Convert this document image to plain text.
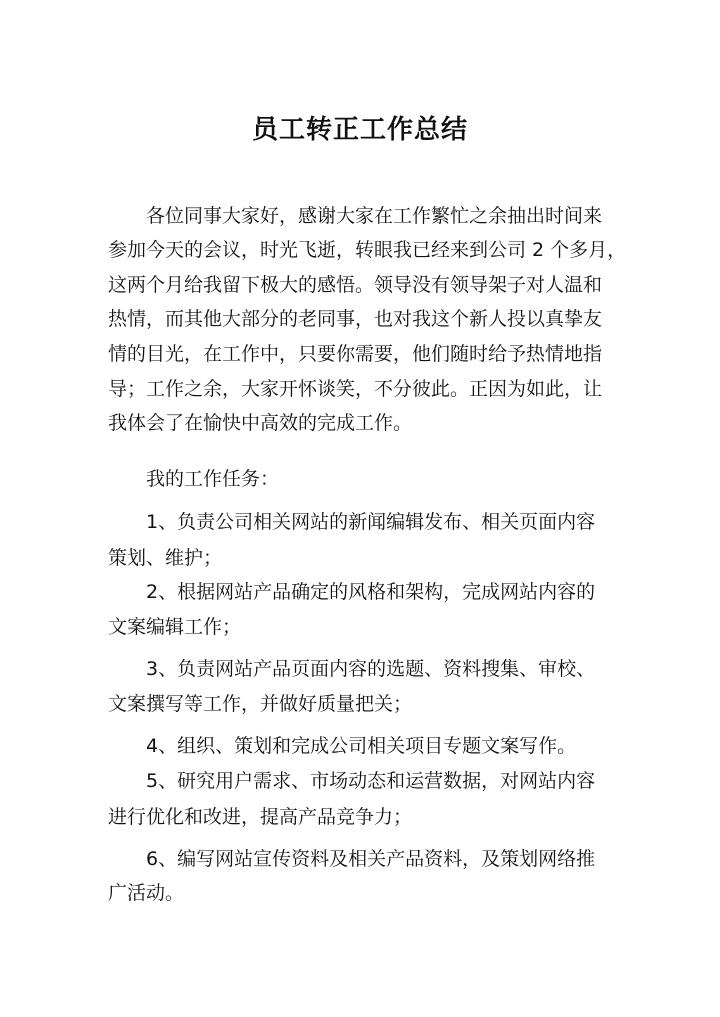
员工转正工作总结

　　各位同事大家好，感谢大家在工作繁忙之余抽出时间来

参加今天的会议，时光飞逝，转眼我已经来到公司 2 个多月，

这两个月给我留下极大的感悟。领导没有领导架子对人温和

热情，而其他大部分的老同事，也对我这个新人投以真挚友

情的目光，在工作中，只要你需要，他们随时给予热情地指

导；工作之余，大家开怀谈笑，不分彼此。正因为如此，让

我体会了在愉快中高效的完成工作。

　　我的工作任务：

　　1、负责公司相关网站的新闻编辑发布、相关页面内容

策划、维护；

　　2、根据网站产品确定的风格和架构，完成网站内容的

文案编辑工作；

　　3、负责网站产品页面内容的选题、资料搜集、审校、

文案撰写等工作，并做好质量把关；

　　4、组织、策划和完成公司相关项目专题文案写作。

　　5、研究用户需求、市场动态和运营数据，对网站内容

进行优化和改进，提高产品竞争力；

　　6、编写网站宣传资料及相关产品资料，及策划网络推

广活动。
